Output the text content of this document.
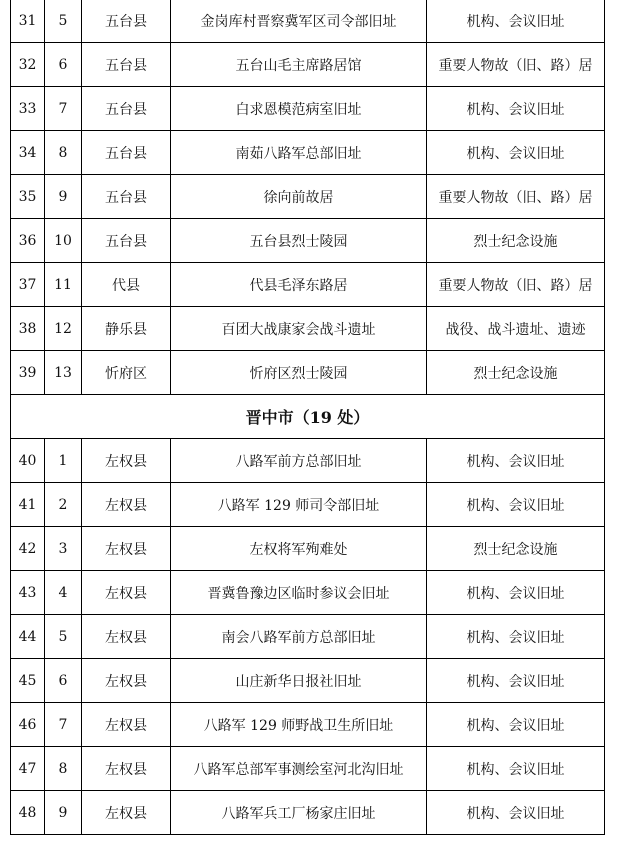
31	5	五台县	金岗库村晋察冀军区司令部旧址	机构、会议旧址
32	6	五台县	五台山毛主席路居馆	重要人物故（旧、路）居
33	7	五台县	白求恩模范病室旧址	机构、会议旧址
34	8	五台县	南茹八路军总部旧址	机构、会议旧址
35	9	五台县	徐向前故居	重要人物故（旧、路）居
36	10	五台县	五台县烈士陵园	烈士纪念设施
37	11	代县	代县毛泽东路居	重要人物故（旧、路）居
38	12	静乐县	百团大战康家会战斗遗址	战役、战斗遗址、遗迹
39	13	忻府区	忻府区烈士陵园	烈士纪念设施
晋中市（19 处）				
40	1	左权县	八路军前方总部旧址	机构、会议旧址
41	2	左权县	八路军 129 师司令部旧址	机构、会议旧址
42	3	左权县	左权将军殉难处	烈士纪念设施
43	4	左权县	晋冀鲁豫边区临时参议会旧址	机构、会议旧址
44	5	左权县	南会八路军前方总部旧址	机构、会议旧址
45	6	左权县	山庄新华日报社旧址	机构、会议旧址
46	7	左权县	八路军 129 师野战卫生所旧址	机构、会议旧址
47	8	左权县	八路军总部军事测绘室河北沟旧址	机构、会议旧址
48	9	左权县	八路军兵工厂杨家庄旧址	机构、会议旧址
